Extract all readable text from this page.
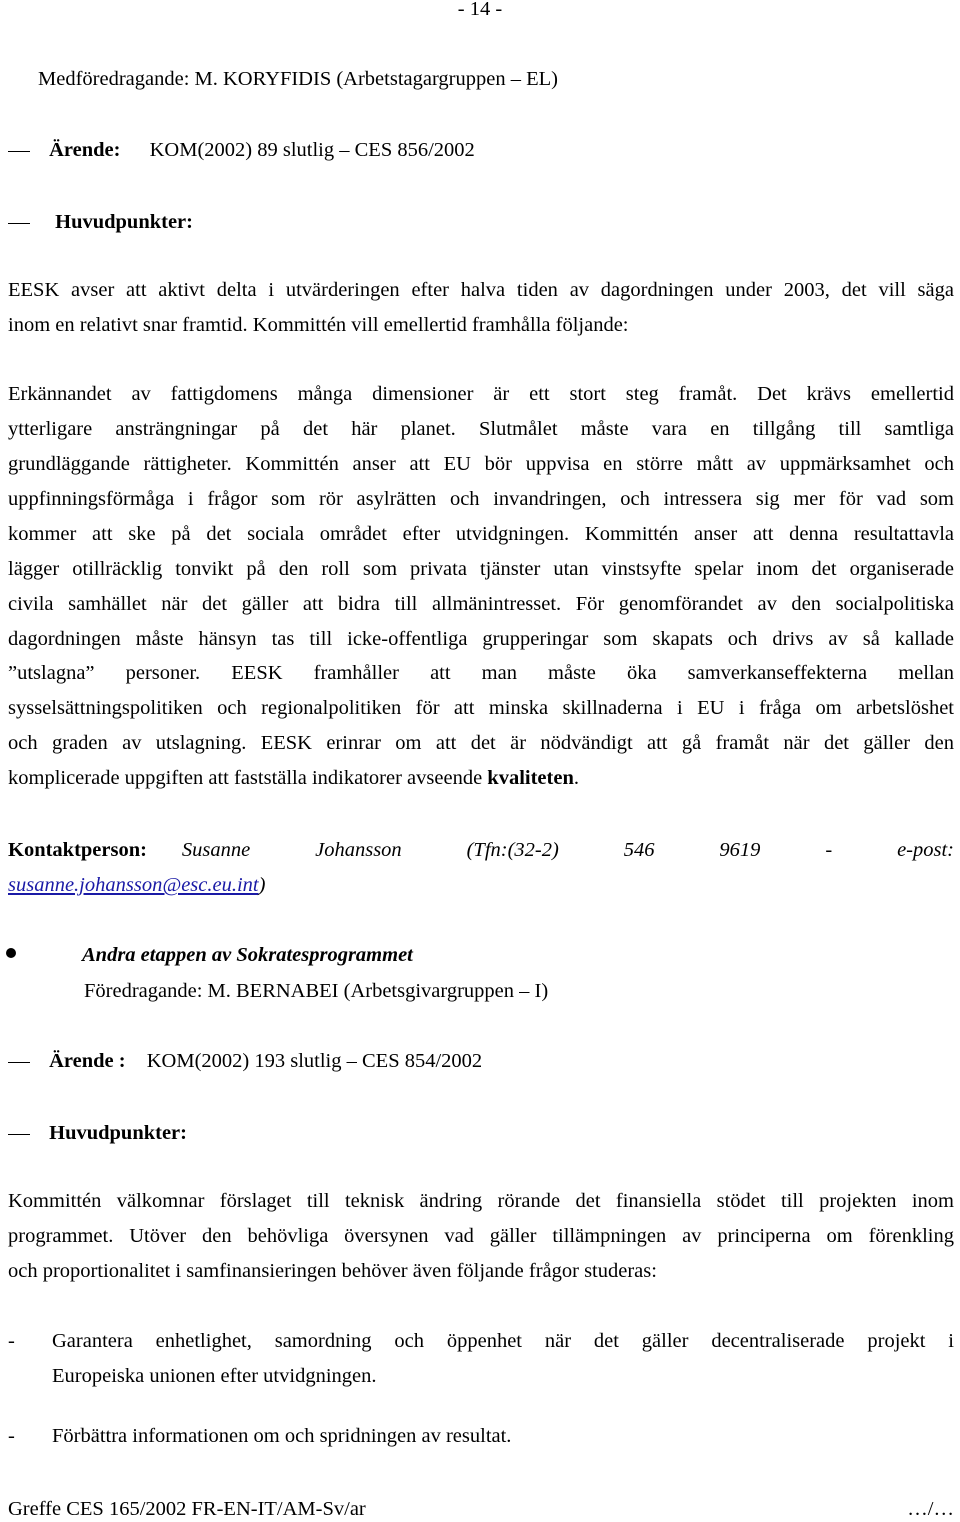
- 14 -
Medföredragande: M. KORYFIDIS (Arbetstagargruppen – EL)
Ärende: KOM(2002) 89 slutlig – CES 856/2002
Huvudpunkter:
EESK avser att aktivt delta i utvärderingen efter halva tiden av dagordningen under 2003, det vill säga
inom en relativt snar framtid. Kommittén vill emellertid framhålla följande:
Erkännandet av fattigdomens många dimensioner är ett stort steg framåt. Det krävs emellertid
ytterligare ansträngningar på det här planet. Slutmålet måste vara en tillgång till samtliga
grundläggande rättigheter. Kommittén anser att EU bör uppvisa en större mått av uppmärksamhet och
uppfinningsförmåga i frågor som rör asylrätten och invandringen, och intressera sig mer för vad som
kommer att ske på det sociala området efter utvidgningen. Kommittén anser att denna resultattavla
lägger otillräcklig tonvikt på den roll som privata tjänster utan vinstsyfte spelar inom det organiserade
civila samhället när det gäller att bidra till allmänintresset. För genomförandet av den socialpolitiska
dagordningen måste hänsyn tas till icke-offentliga grupperingar som skapats och drivs av så kallade
”utslagna” personer. EESK framhåller att man måste öka samverkanseffekterna mellan
sysselsättningspolitiken och regionalpolitiken för att minska skillnaderna i EU i fråga om arbetslöshet
och graden av utslagning. EESK erinrar om att det är nödvändigt att gå framåt när det gäller den
komplicerade uppgiften att fastställa indikatorer avseende kvaliteten.
Kontaktperson: Susanne Johansson (Tfn:(32-2) 546 9619 - e-post:
susanne.johansson@esc.eu.int)
Andra etappen av Sokratesprogrammet
Föredragande: M. BERNABEI (Arbetsgivargruppen – I)
Ärende : KOM(2002) 193 slutlig – CES 854/2002
Huvudpunkter:
Kommittén välkomnar förslaget till teknisk ändring rörande det finansiella stödet till projekten inom
programmet. Utöver den behövliga översynen vad gäller tillämpningen av principerna om förenkling
och proportionalitet i samfinansieringen behöver även följande frågor studeras:
-	Garantera enhetlighet, samordning och öppenhet när det gäller decentraliserade projekt i
Europeiska unionen efter utvidgningen.
-	Förbättra informationen om och spridningen av resultat.
Greffe CES 165/2002 FR-EN-IT/AM-Sv/ar	…/…
